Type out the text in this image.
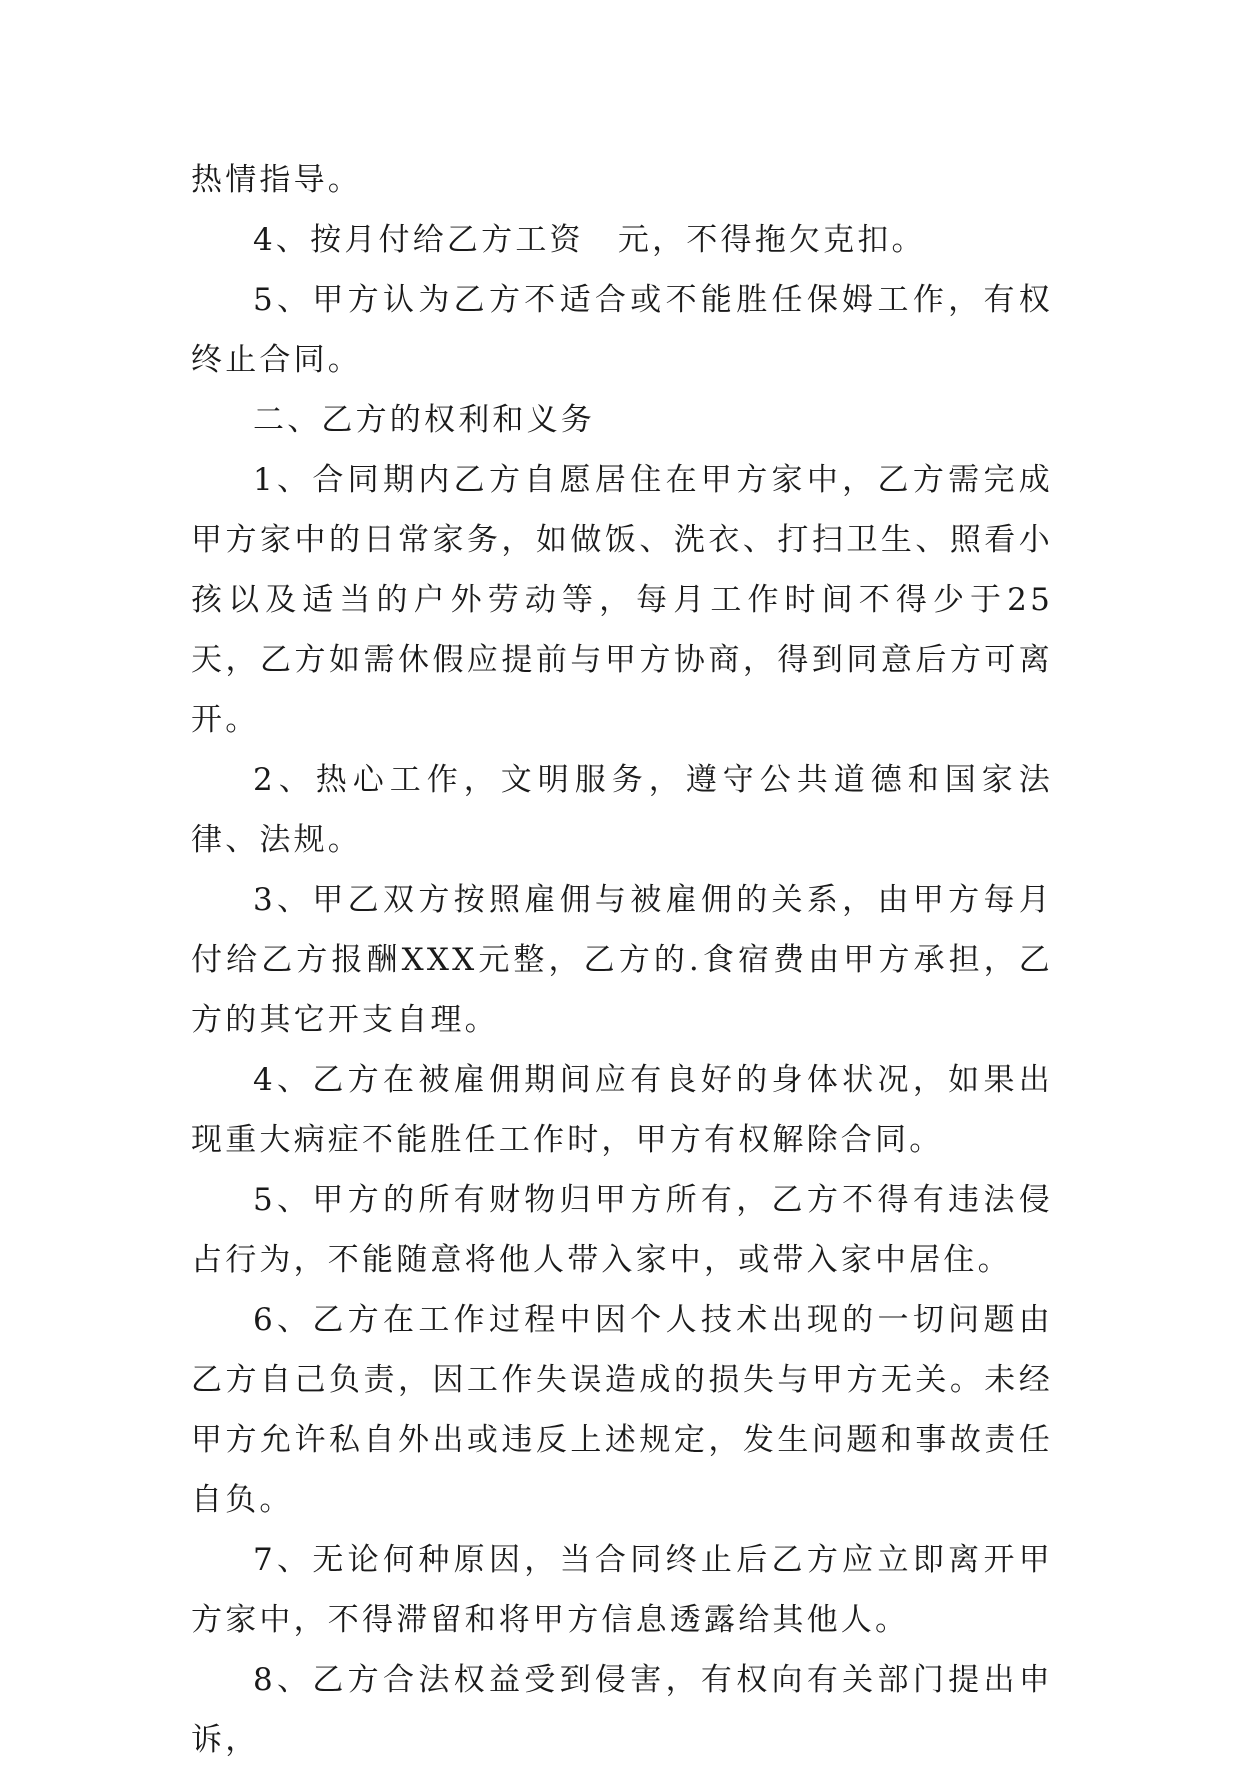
热情指导。

4、按月付给乙方工资　元，不得拖欠克扣。

5、甲方认为乙方不适合或不能胜任保姆工作，有权终止合同。

二、乙方的权利和义务

1、合同期内乙方自愿居住在甲方家中，乙方需完成甲方家中的日常家务，如做饭、洗衣、打扫卫生、照看小孩以及适当的户外劳动等，每月工作时间不得少于25天，乙方如需休假应提前与甲方协商，得到同意后方可离开。

2、热心工作，文明服务，遵守公共道德和国家法律、法规。

3、甲乙双方按照雇佣与被雇佣的关系，由甲方每月付给乙方报酬XXX元整，乙方的.食宿费由甲方承担，乙方的其它开支自理。

4、乙方在被雇佣期间应有良好的身体状况，如果出现重大病症不能胜任工作时，甲方有权解除合同。

5、甲方的所有财物归甲方所有，乙方不得有违法侵占行为，不能随意将他人带入家中，或带入家中居住。

6、乙方在工作过程中因个人技术出现的一切问题由乙方自己负责，因工作失误造成的损失与甲方无关。未经甲方允许私自外出或违反上述规定，发生问题和事故责任自负。

7、无论何种原因，当合同终止后乙方应立即离开甲方家中，不得滞留和将甲方信息透露给其他人。

8、乙方合法权益受到侵害，有权向有关部门提出申诉，
